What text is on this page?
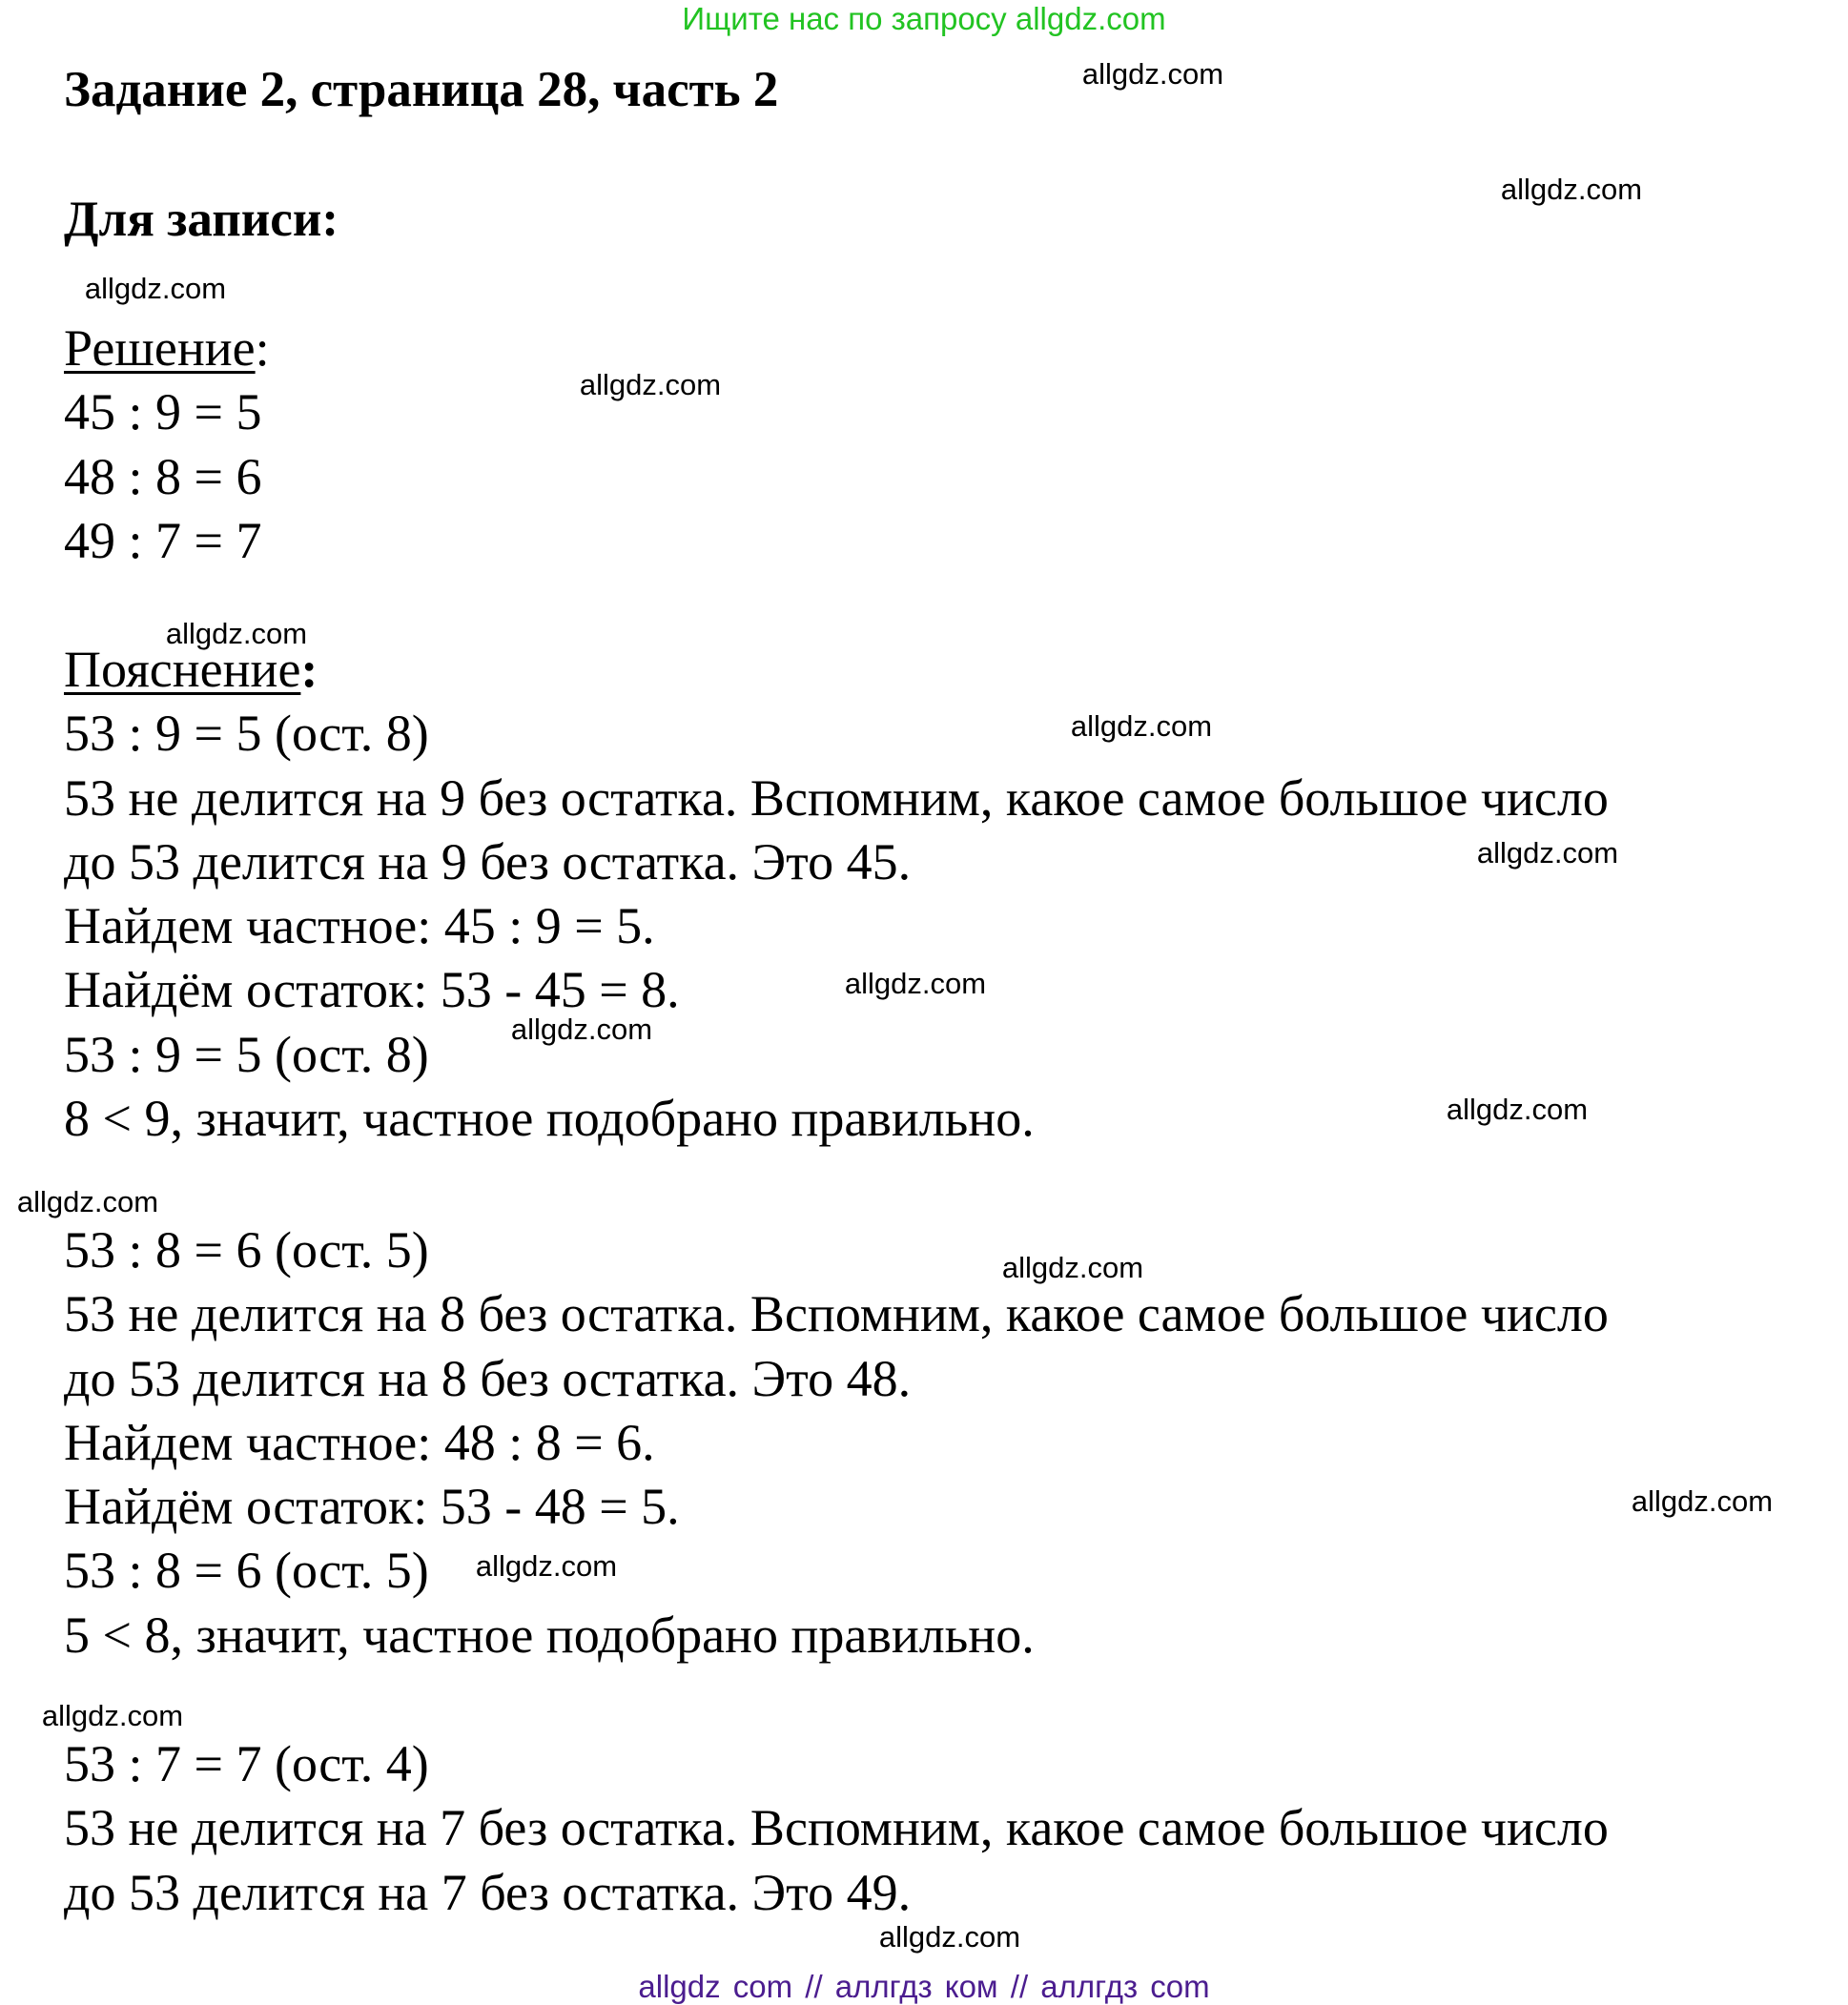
Ищите нас по запросу allgdz.com
Задание 2, страница 28, часть 2
Для записи:
Решение:
45 : 9 = 5
48 : 8 = 6
49 : 7 = 7
Пояснение:
53 : 9 = 5 (ост. 8)
53 не делится на 9 без остатка. Вспомним, какое самое большое число
до 53 делится на 9 без остатка. Это 45.
Найдем частное: 45 : 9 = 5.
Найдём остаток: 53 - 45 = 8.
53 : 9 = 5 (ост. 8)
8 < 9, значит, частное подобрано правильно.
53 : 8 = 6 (ост. 5)
53 не делится на 8 без остатка. Вспомним, какое самое большое число
до 53 делится на 8 без остатка. Это 48.
Найдем частное: 48 : 8 = 6.
Найдём остаток: 53 - 48 = 5.
53 : 8 = 6 (ост. 5)
5 < 8, значит, частное подобрано правильно.
53 : 7 = 7 (ост. 4)
53 не делится на 7 без остатка. Вспомним, какое самое большое число
до 53 делится на 7 без остатка. Это 49.
allgdz.com
allgdz.com
allgdz.com
allgdz.com
allgdz.com
allgdz.com
allgdz.com
allgdz.com
allgdz.com
allgdz.com
allgdz.com
allgdz.com
allgdz.com
allgdz.com
allgdz.com
allgdz.com
allgdz com // аллгдз ком // аллгдз com
